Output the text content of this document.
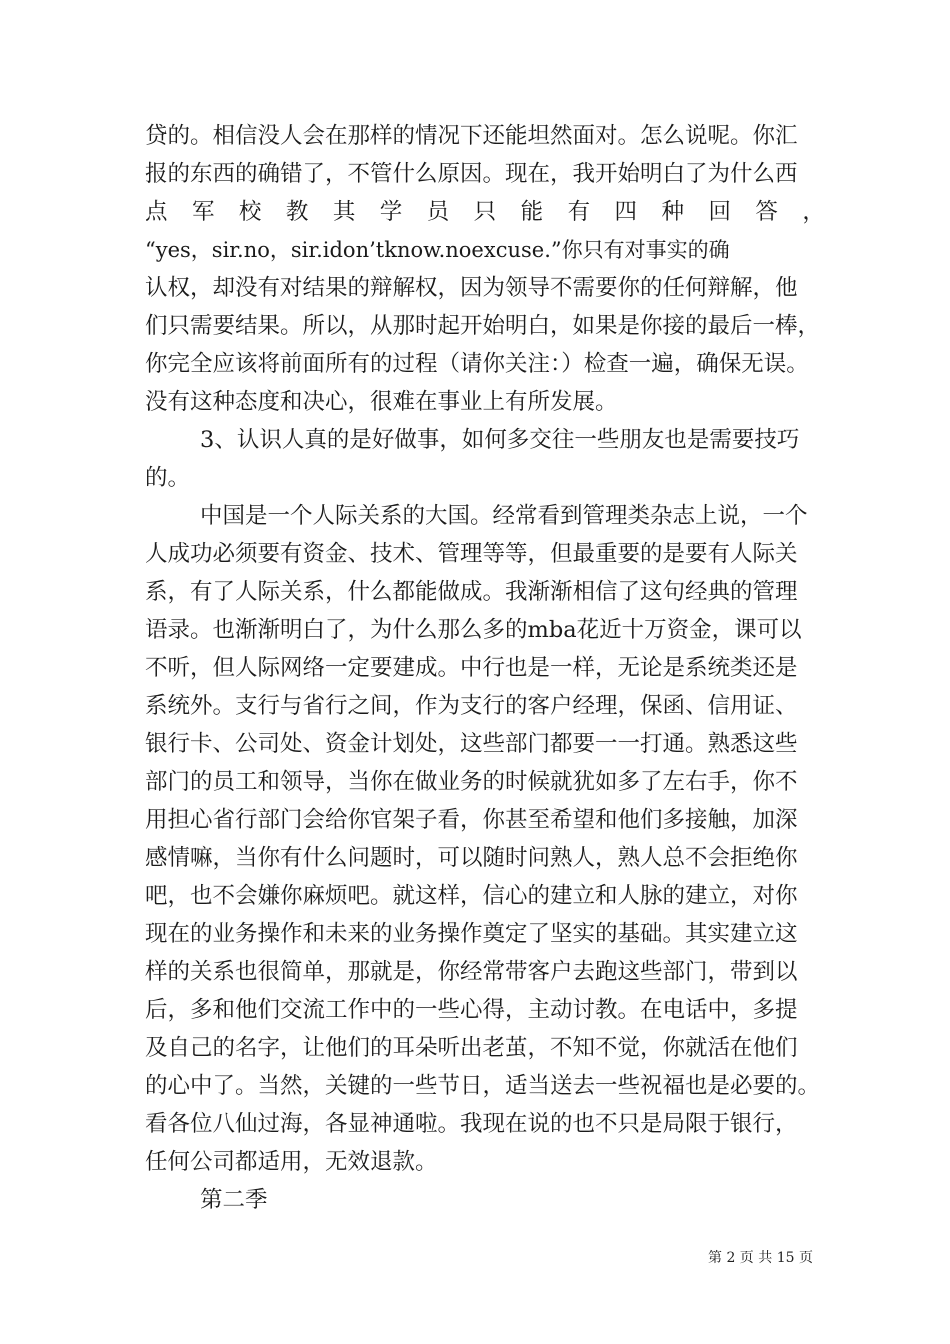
贷的。相信没人会在那样的情况下还能坦然面对。怎么说呢。你汇
报的东西的确错了，不管什么原因。现在，我开始明白了为什么西
点 军 校 教 其 学 员 只 能 有 四 种 回 答 ，
“yes，sir.no，sir.idon’tknow.noexcuse.”你只有对事实的确
认权，却没有对结果的辩解权，因为领导不需要你的任何辩解，他
们只需要结果。所以，从那时起开始明白，如果是你接的最后一棒，
你完全应该将前面所有的过程（请你关注：）检查一遍，确保无误。
没有这种态度和决心，很难在事业上有所发展。
3、认识人真的是好做事，如何多交往一些朋友也是需要技巧
的。
中国是一个人际关系的大国。经常看到管理类杂志上说，一个
人成功必须要有资金、技术、管理等等，但最重要的是要有人际关
系，有了人际关系，什么都能做成。我渐渐相信了这句经典的管理
语录。也渐渐明白了，为什么那么多的mba花近十万资金，课可以
不听，但人际网络一定要建成。中行也是一样，无论是系统类还是
系统外。支行与省行之间，作为支行的客户经理，保函、信用证、
银行卡、公司处、资金计划处，这些部门都要一一打通。熟悉这些
部门的员工和领导，当你在做业务的时候就犹如多了左右手，你不
用担心省行部门会给你官架子看，你甚至希望和他们多接触，加深
感情嘛，当你有什么问题时，可以随时问熟人，熟人总不会拒绝你
吧，也不会嫌你麻烦吧。就这样，信心的建立和人脉的建立，对你
现在的业务操作和未来的业务操作奠定了坚实的基础。其实建立这
样的关系也很简单，那就是，你经常带客户去跑这些部门，带到以
后，多和他们交流工作中的一些心得，主动讨教。在电话中，多提
及自己的名字，让他们的耳朵听出老茧，不知不觉，你就活在他们
的心中了。当然，关键的一些节日，适当送去一些祝福也是必要的。
看各位八仙过海，各显神通啦。我现在说的也不只是局限于银行，
任何公司都适用，无效退款。
第二季
第 2 页 共 15 页
